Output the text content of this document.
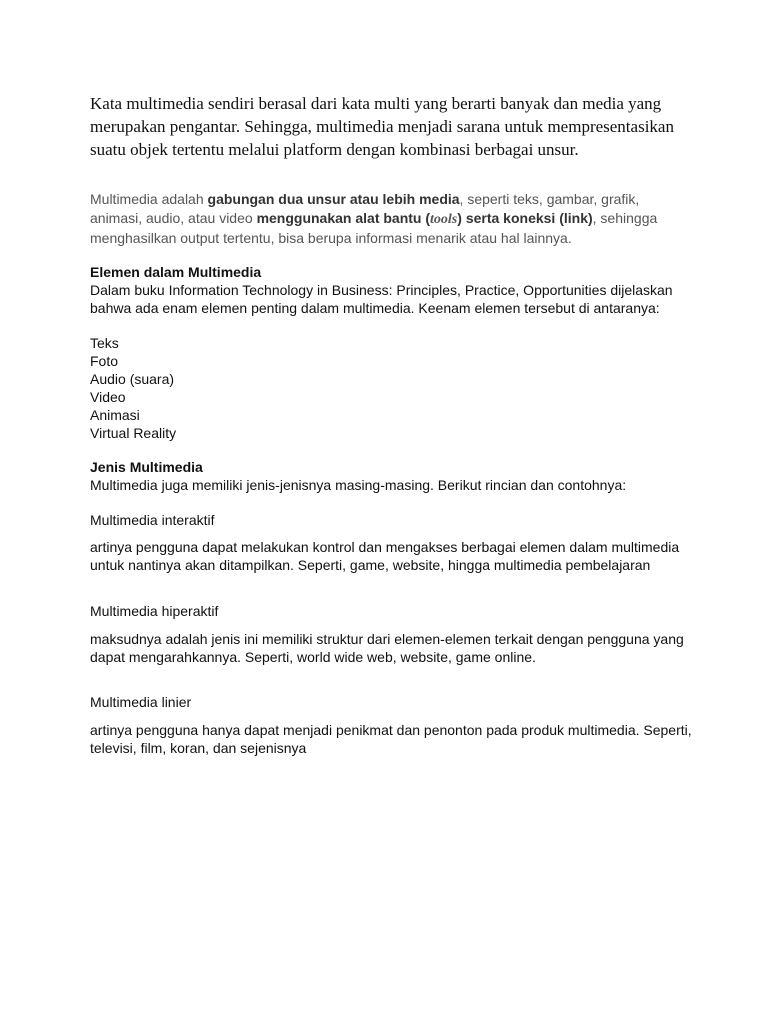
Kata multimedia sendiri berasal dari kata multi yang berarti banyak dan media yang merupakan pengantar. Sehingga, multimedia menjadi sarana untuk mempresentasikan suatu objek tertentu melalui platform dengan kombinasi berbagai unsur.

Multimedia adalah gabungan dua unsur atau lebih media, seperti teks, gambar, grafik, animasi, audio, atau video menggunakan alat bantu (tools) serta koneksi (link), sehingga menghasilkan output tertentu, bisa berupa informasi menarik atau hal lainnya.

Elemen dalam Multimedia
Dalam buku Information Technology in Business: Principles, Practice, Opportunities dijelaskan bahwa ada enam elemen penting dalam multimedia. Keenam elemen tersebut di antaranya:
Teks
Foto
Audio (suara)
Video
Animasi
Virtual Reality
Jenis Multimedia
Multimedia juga memiliki jenis-jenisnya masing-masing. Berikut rincian dan contohnya:
Multimedia interaktif
artinya pengguna dapat melakukan kontrol dan mengakses berbagai elemen dalam multimedia untuk nantinya akan ditampilkan. Seperti, game, website, hingga multimedia pembelajaran
Multimedia hiperaktif
maksudnya adalah jenis ini memiliki struktur dari elemen-elemen terkait dengan pengguna yang dapat mengarahkannya. Seperti, world wide web, website, game online.
Multimedia linier
artinya pengguna hanya dapat menjadi penikmat dan penonton pada produk multimedia. Seperti, televisi, film, koran, dan sejenisnya
